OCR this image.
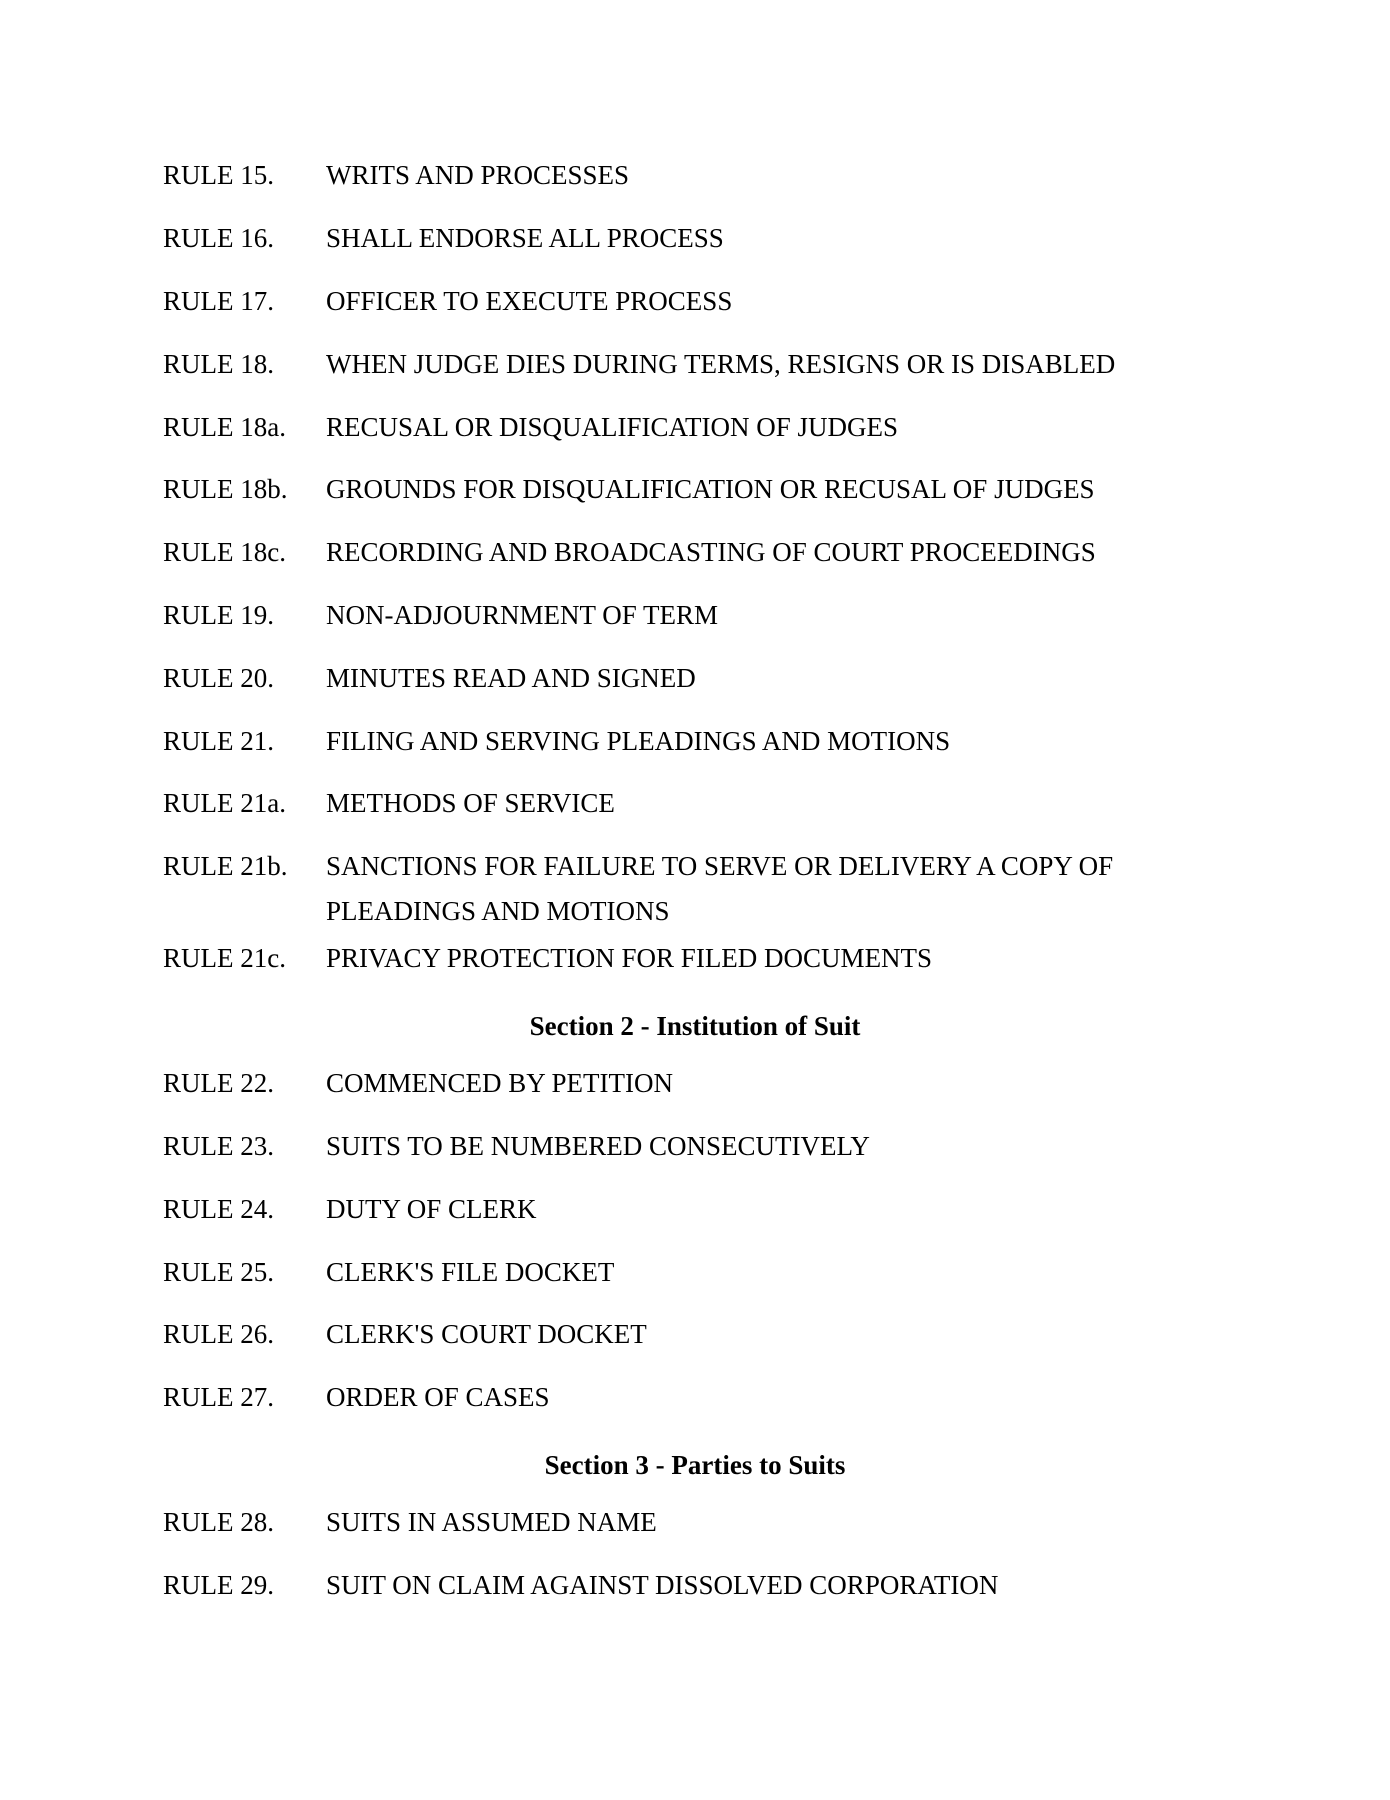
RULE 15.	WRITS AND PROCESSES
RULE 16.	SHALL ENDORSE ALL PROCESS
RULE 17.	OFFICER TO EXECUTE PROCESS
RULE 18.	WHEN JUDGE DIES DURING TERMS, RESIGNS OR IS DISABLED
RULE 18a.	RECUSAL OR DISQUALIFICATION OF JUDGES
RULE 18b.	GROUNDS FOR DISQUALIFICATION OR RECUSAL OF JUDGES
RULE 18c.	RECORDING AND BROADCASTING OF COURT PROCEEDINGS
RULE 19.	NON-ADJOURNMENT OF TERM
RULE 20.	MINUTES READ AND SIGNED
RULE 21.	FILING AND SERVING PLEADINGS AND MOTIONS
RULE 21a.	METHODS OF SERVICE
RULE 21b.	SANCTIONS FOR FAILURE TO SERVE OR DELIVERY A COPY OF PLEADINGS AND MOTIONS
RULE 21c.	PRIVACY PROTECTION FOR FILED DOCUMENTS
Section 2 - Institution of Suit
RULE 22.	COMMENCED BY PETITION
RULE 23.	SUITS TO BE NUMBERED CONSECUTIVELY
RULE 24.	DUTY OF CLERK
RULE 25.	CLERK'S FILE DOCKET
RULE 26.	CLERK'S COURT DOCKET
RULE 27.	ORDER OF CASES
Section 3 - Parties to Suits
RULE 28.	SUITS IN ASSUMED NAME
RULE 29.	SUIT ON CLAIM AGAINST DISSOLVED CORPORATION
